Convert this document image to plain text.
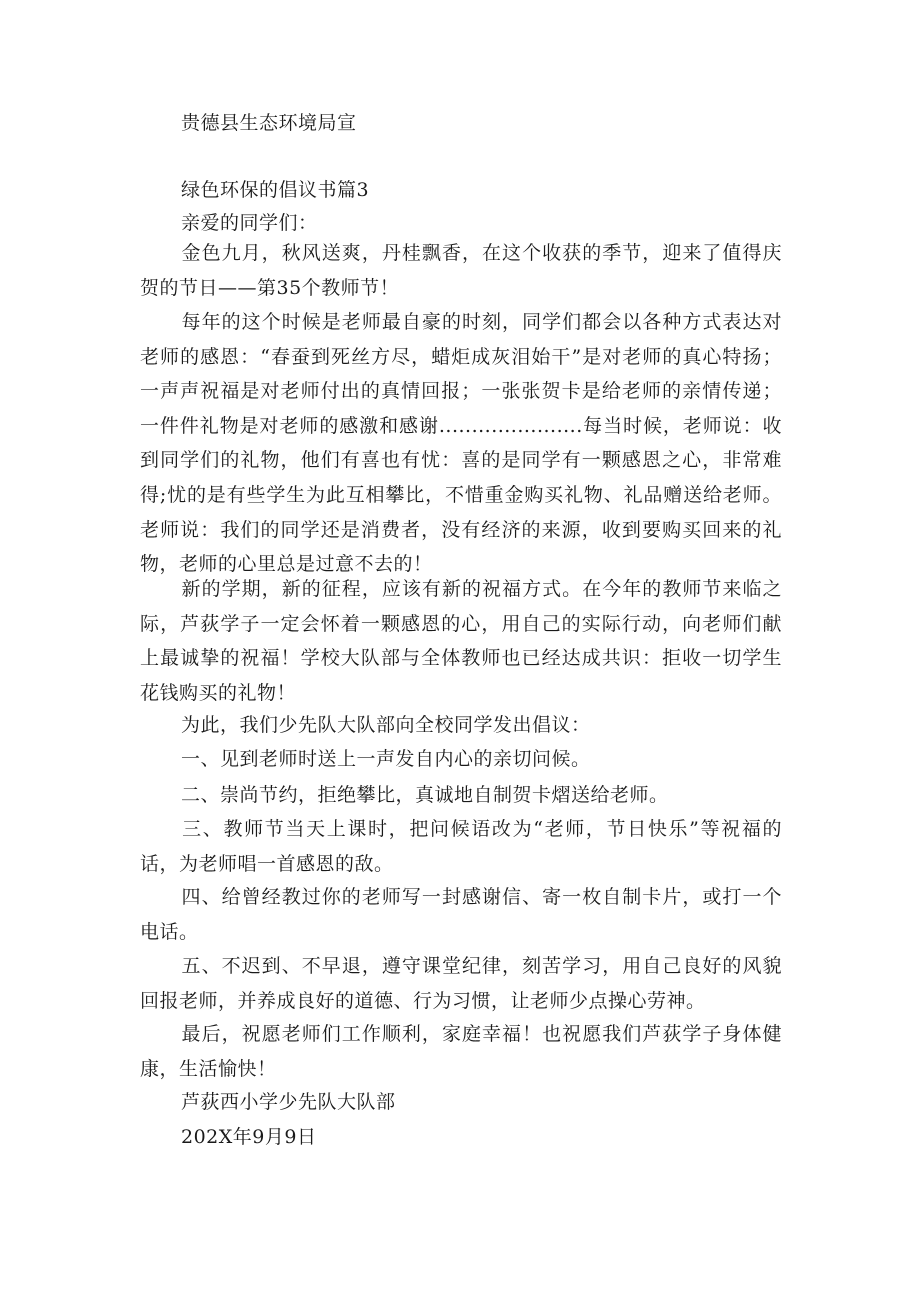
贵德县生态环境局宣
绿色环保的倡议书篇3
亲爱的同学们：
金色九月，秋风送爽，丹桂飘香，在这个收获的季节，迎来了值得庆贺的节日——第35个教师节！
每年的这个时候是老师最自豪的时刻，同学们都会以各种方式表达对老师的感恩：“春蚕到死丝方尽，蜡炬成灰泪始干”是对老师的真心特扬；一声声祝福是对老师付出的真情回报；一张张贺卡是给老师的亲情传递；一件件礼物是对老师的感激和感谢......................每当时候，老师说：收到同学们的礼物，他们有喜也有忧：喜的是同学有一颗感恩之心，非常难得;忧的是有些学生为此互相攀比，不惜重金购买礼物、礼品赠送给老师。老师说：我们的同学还是消费者，没有经济的来源，收到要购买回来的礼物，老师的心里总是过意不去的！
新的学期，新的征程，应该有新的祝福方式。在今年的教师节来临之际，芦荻学子一定会怀着一颗感恩的心，用自己的实际行动，向老师们献上最诚挚的祝福！学校大队部与全体教师也已经达成共识：拒收一切学生花钱购买的礼物！
为此，我们少先队大队部向全校同学发出倡议：
一、见到老师时送上一声发自内心的亲切问候。
二、崇尚节约，拒绝攀比，真诚地自制贺卡熠送给老师。
三、教师节当天上课时，把问候语改为“老师，节日快乐”等祝福的话，为老师唱一首感恩的敌。
四、给曾经教过你的老师写一封感谢信、寄一枚自制卡片，或打一个电话。
五、不迟到、不早退，遵守课堂纪律，刻苦学习，用自己良好的风貌回报老师，并养成良好的道德、行为习惯，让老师少点操心劳神。
最后，祝愿老师们工作顺利，家庭幸福！也祝愿我们芦荻学子身体健康，生活愉快！
芦荻西小学少先队大队部
202X年9月9日
